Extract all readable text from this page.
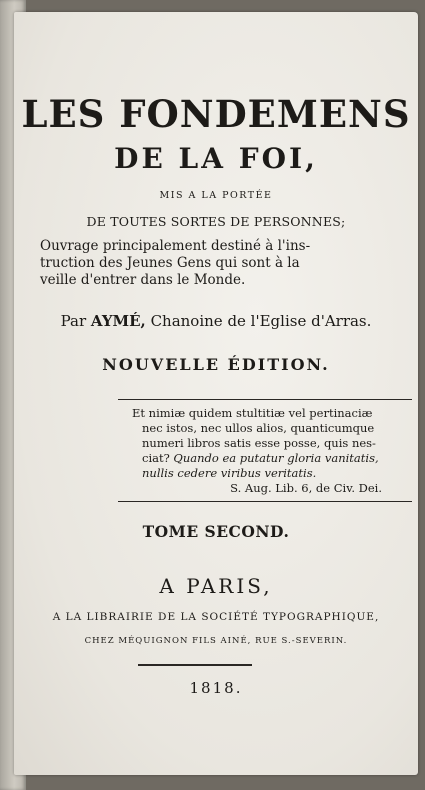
LES FONDEMENS
DE LA FOI,
MIS A LA PORTÉE
DE TOUTES SORTES DE PERSONNES;
Ouvrage principalement destiné à l'ins-
truction des Jeunes Gens qui sont à la
veille d'entrer dans le Monde.
Par AYMÉ, Chanoine de l'Eglise d'Arras.
NOUVELLE ÉDITION.
Et nimiæ quidem stultitiæ vel pertinaciæ
nec istos, nec ullos alios, quanticumque
numeri libros satis esse posse, quis nes-
ciat? Quando ea putatur gloria vanitatis,
nullis cedere viribus veritatis.
S. Aug. Lib. 6, de Civ. Dei.
TOME SECOND.
A PARIS,
A LA LIBRAIRIE DE LA SOCIÉTÉ TYPOGRAPHIQUE,
CHEZ MÉQUIGNON FILS AINÉ, RUE S.-SEVERIN.
1818.
